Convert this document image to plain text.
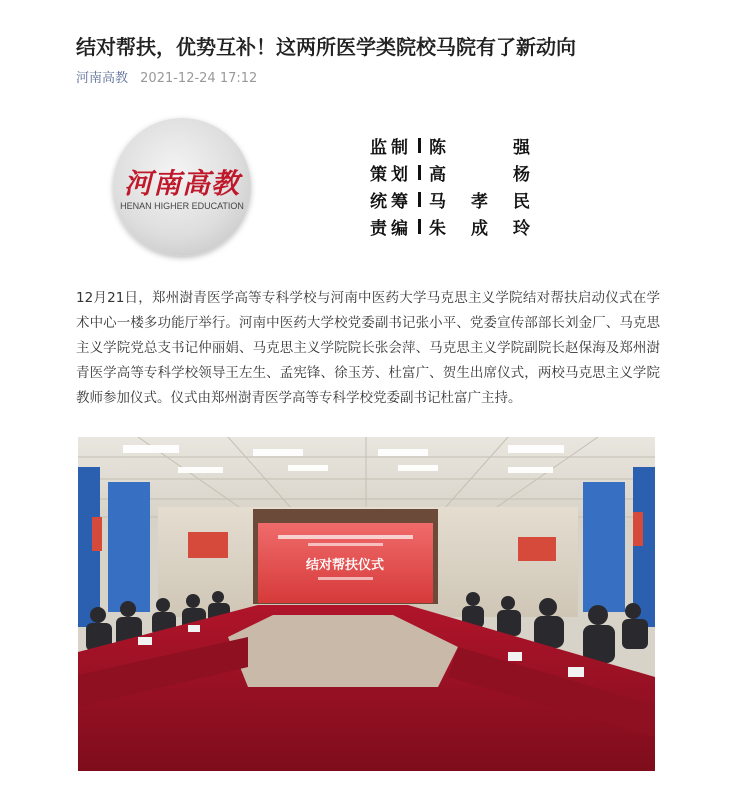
结对帮扶，优势互补！这两所医学类院校马院有了新动向
河南高教 2021-12-24 17:12
河南高教
HENAN HIGHER EDUCATION
监制 陈	强
策划 高	杨
统筹 马 孝 民
责编 朱 成 玲

12月21日，郑州澍青医学高等专科学校与河南中医药大学马克思主义学院结对帮扶启动仪式在学术中心一楼多功能厅举行。河南中医药大学校党委副书记张小平、党委宣传部部长刘金厂、马克思主义学院党总支书记仲丽娟、马克思主义学院院长张会萍、马克思主义学院副院长赵保海及郑州澍青医学高等专科学校领导王左生、孟宪锋、徐玉芳、杜富广、贺生出席仪式，两校马克思主义学院教师参加仪式。仪式由郑州澍青医学高等专科学校党委副书记杜富广主持。

结对帮扶仪式
